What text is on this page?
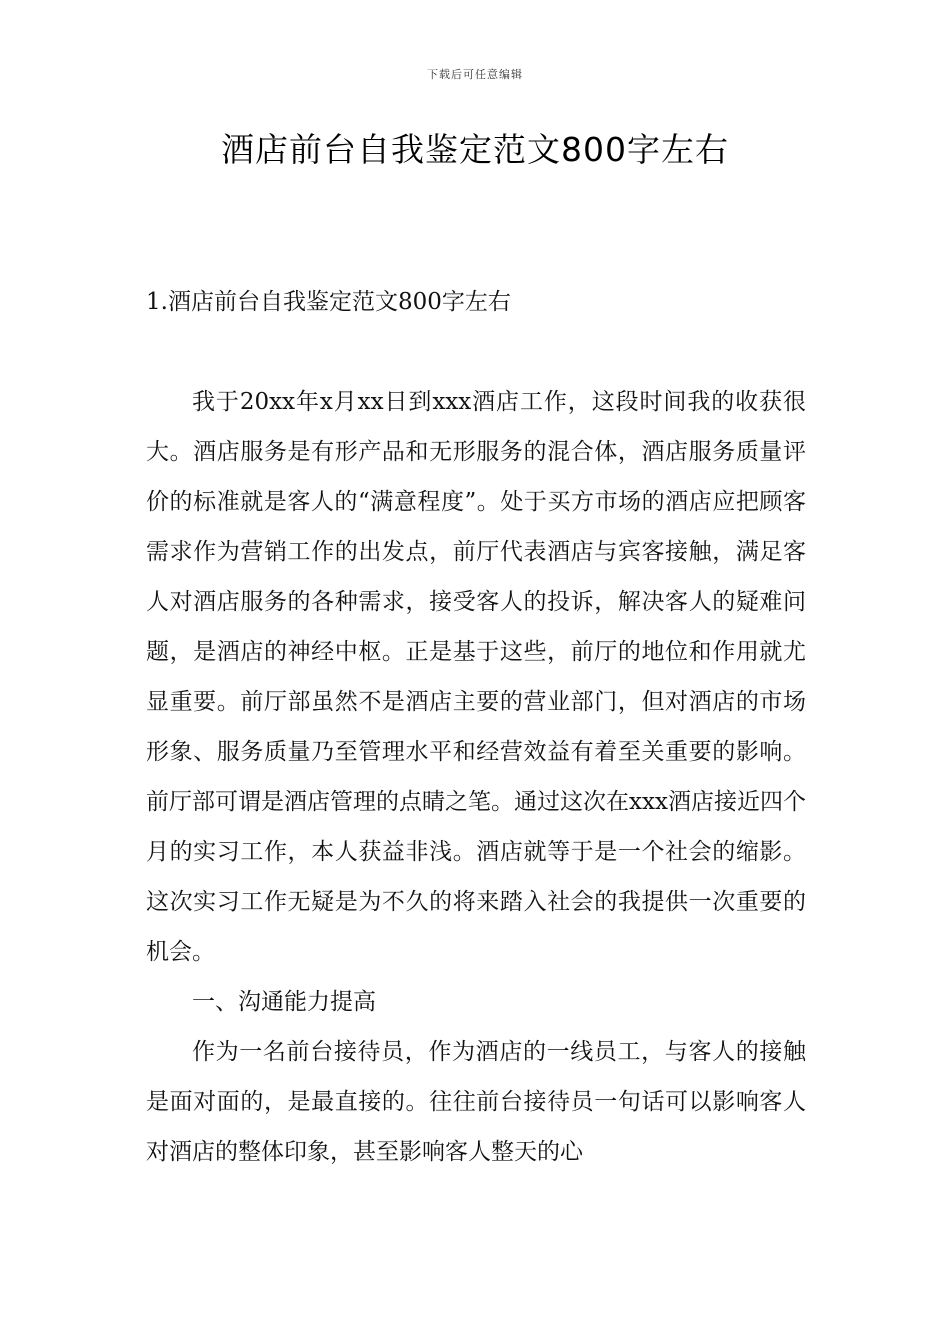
下载后可任意编辑
酒店前台自我鉴定范文800字左右
1.酒店前台自我鉴定范文800字左右

我于20xx年x月xx日到xxx酒店工作，这段时间我的收获很大。酒店服务是有形产品和无形服务的混合体，酒店服务质量评价的标准就是客人的“满意程度”。处于买方市场的酒店应把顾客需求作为营销工作的出发点，前厅代表酒店与宾客接触，满足客人对酒店服务的各种需求，接受客人的投诉，解决客人的疑难问题，是酒店的神经中枢。正是基于这些，前厅的地位和作用就尤显重要。前厅部虽然不是酒店主要的营业部门，但对酒店的市场形象、服务质量乃至管理水平和经营效益有着至关重要的影响。前厅部可谓是酒店管理的点睛之笔。通过这次在xxx酒店接近四个月的实习工作，本人获益非浅。酒店就等于是一个社会的缩影。这次实习工作无疑是为不久的将来踏入社会的我提供一次重要的机会。

一、沟通能力提高

作为一名前台接待员，作为酒店的一线员工，与客人的接触是面对面的，是最直接的。往往前台接待员一句话可以影响客人对酒店的整体印象，甚至影响客人整天的心
